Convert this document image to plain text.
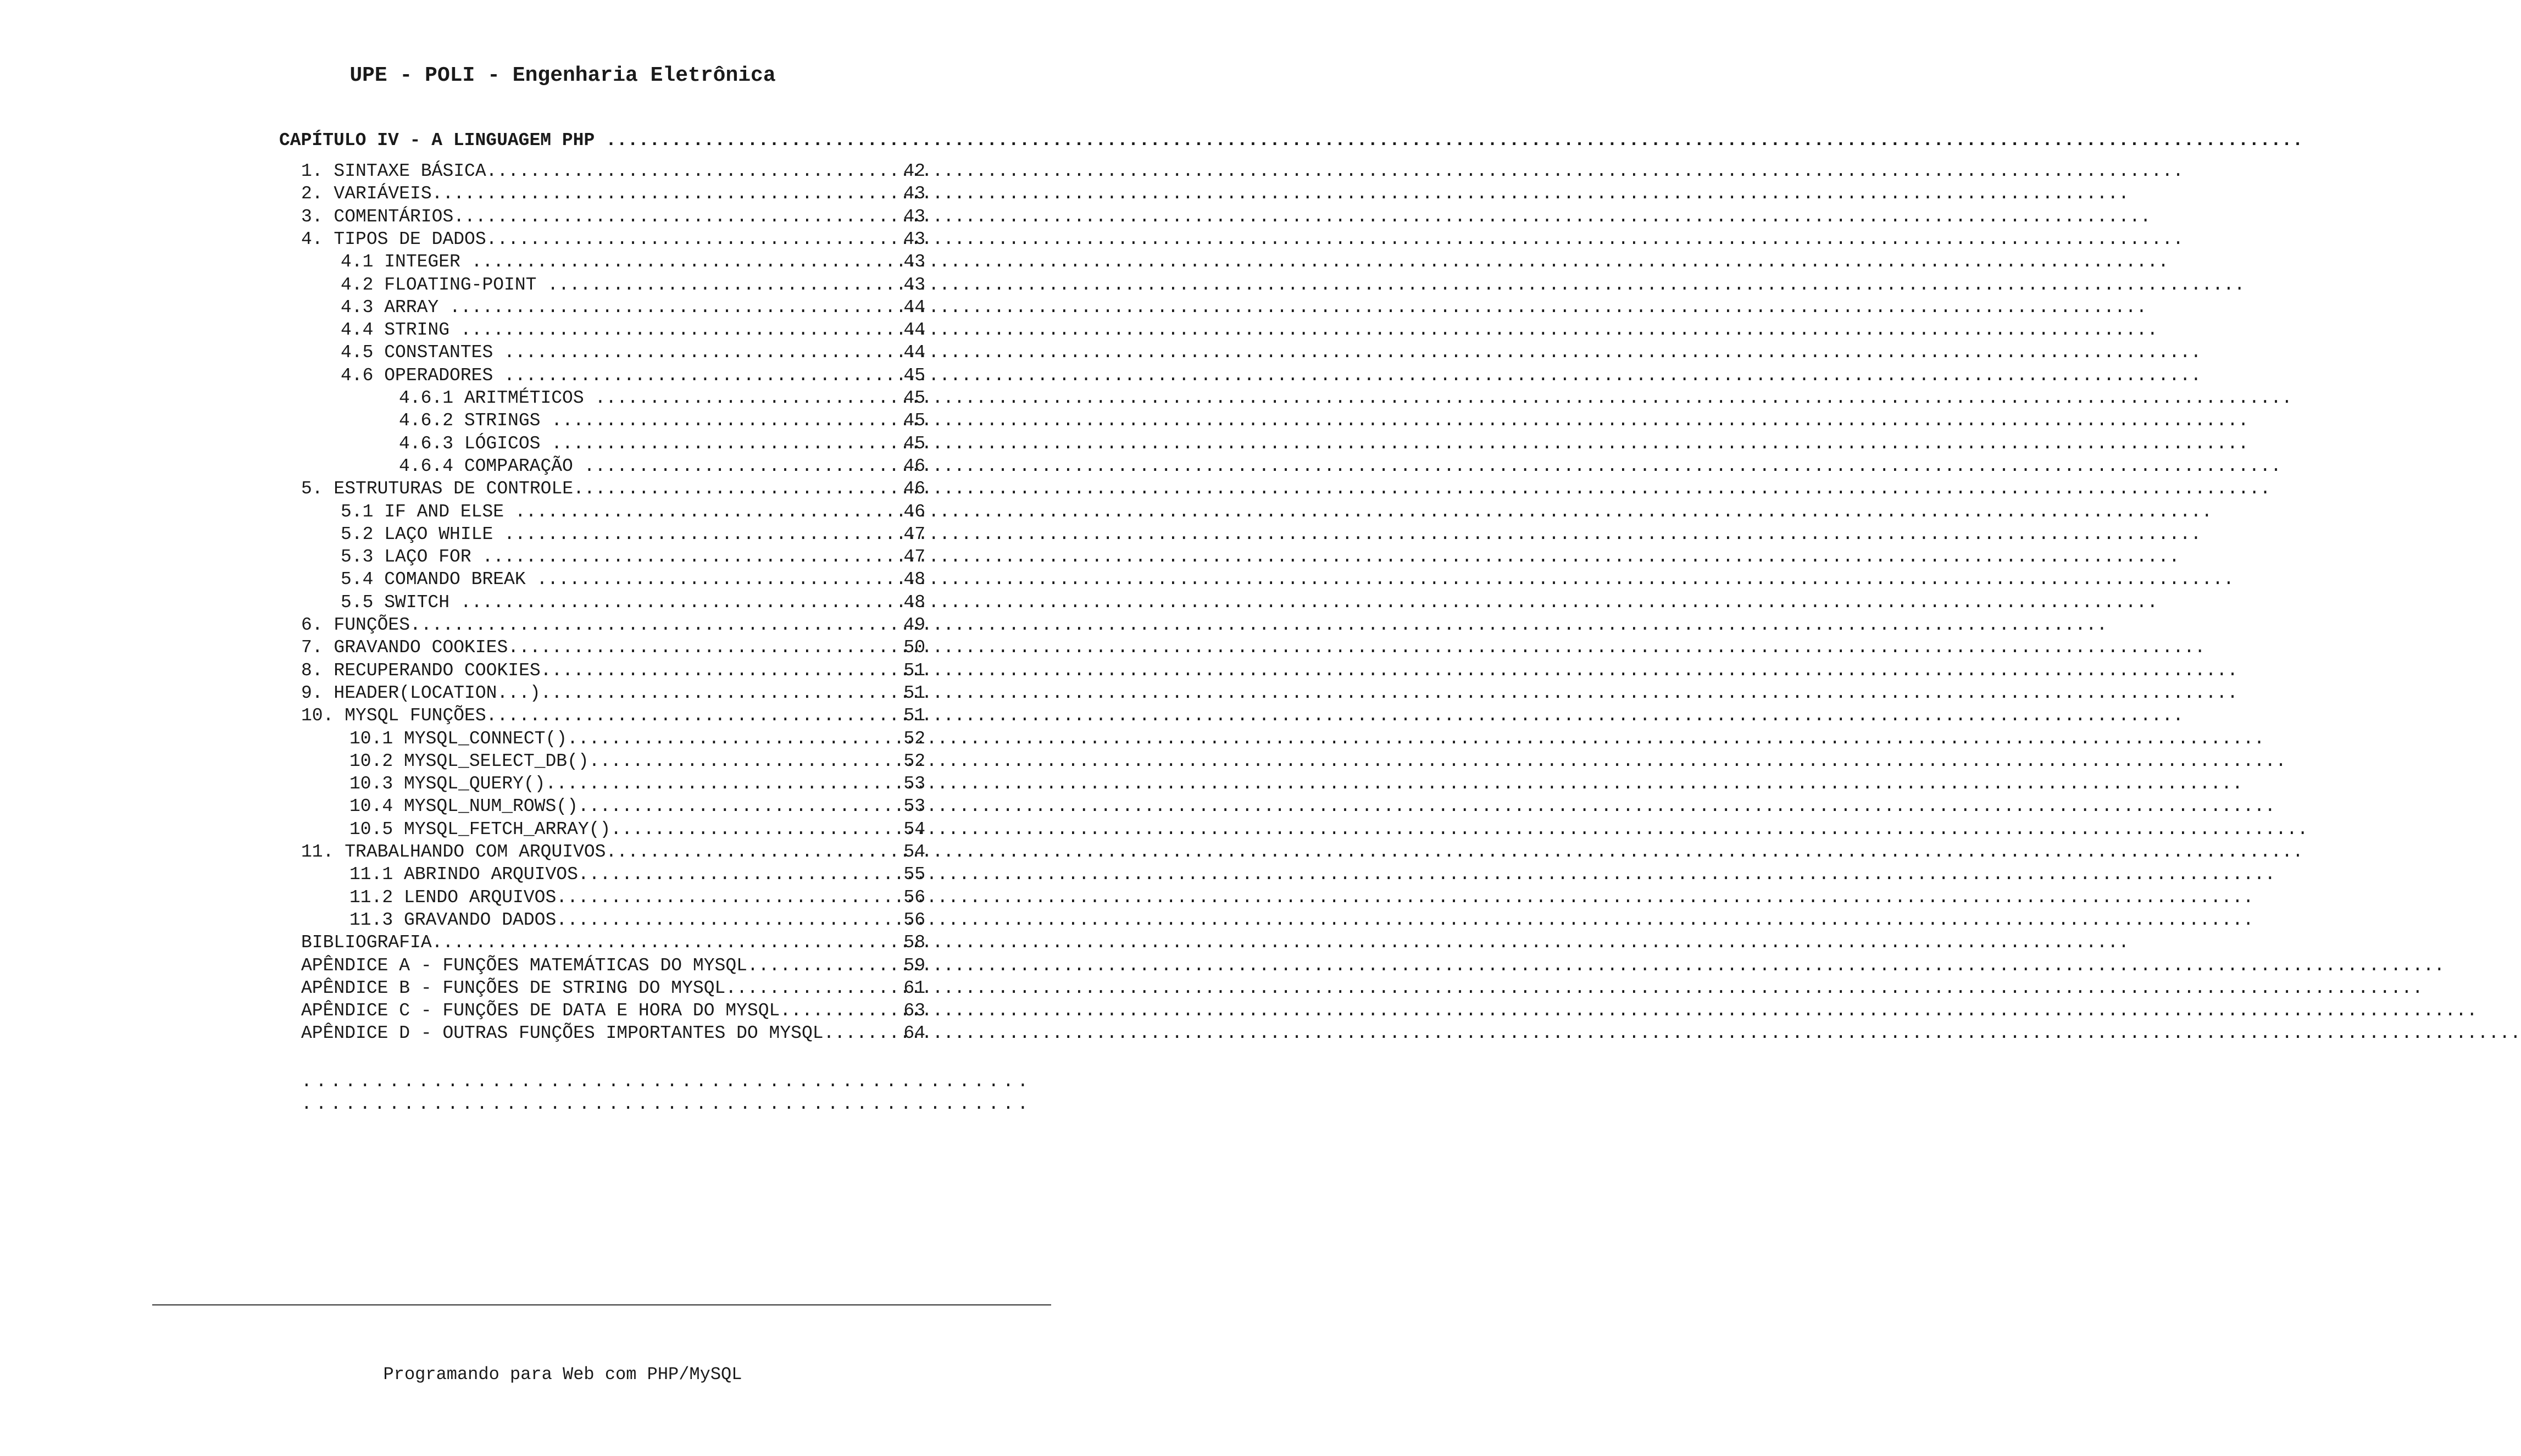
UPE - POLI - Engenharia Eletrônica
CAPÍTULO IV - A LINGUAGEM PHP
.....
1. SINTAXE BÁSICA .....	42
2. VARIÁVEIS .....	43
3. COMENTÁRIOS .....	43
4. TIPOS DE DADOS .....	43
4.1 INTEGER .....	43
4.2 FLOATING-POINT .....	43
4.3 ARRAY .....	44
4.4 STRING .....	44
4.5 CONSTANTES .....	44
4.6 OPERADORES .....	45
4.6.1 ARITMÉTICOS .....	45
4.6.2 STRINGS .....	45
4.6.3 LÓGICOS .....	45
4.6.4 COMPARAÇÃO .....	46
5. ESTRUTURAS DE CONTROLE .....	46
5.1 IF AND ELSE .....	46
5.2 LAÇO WHILE .....	47
5.3 LAÇO FOR .....	47
5.4 COMANDO BREAK .....	48
5.5 SWITCH .....	48
6. FUNÇÕES .....	49
7. GRAVANDO COOKIES .....	50
8. RECUPERANDO COOKIES .....	51
9. HEADER(LOCATION...) .....	51
10. MYSQL FUNÇÕES .....	51
10.1 MYSQL_CONNECT() .....	52
10.2 MYSQL_SELECT_DB() .....	52
10.3 MYSQL_QUERY() .....	53
10.4 MYSQL_NUM_ROWS() .....	53
10.5 MYSQL_FETCH_ARRAY() .....	54
11. TRABALHANDO COM ARQUIVOS .....	54
11.1 ABRINDO ARQUIVOS .....	55
11.2 LENDO ARQUIVOS .....	56
11.3 GRAVANDO DADOS .....	56
BIBLIOGRAFIA .....	58
APÊNDICE A - FUNÇÕES MATEMÁTICAS DO MYSQL .....	59
APÊNDICE B - FUNÇÕES DE STRING DO MYSQL .....	61
APÊNDICE C - FUNÇÕES DE DATA E HORA DO MYSQL .....	63
APÊNDICE D - OUTRAS FUNÇÕES IMPORTANTES DO MYSQL .....	64
..................................................
..................................................
Programando para Web com PHP/MySQL
